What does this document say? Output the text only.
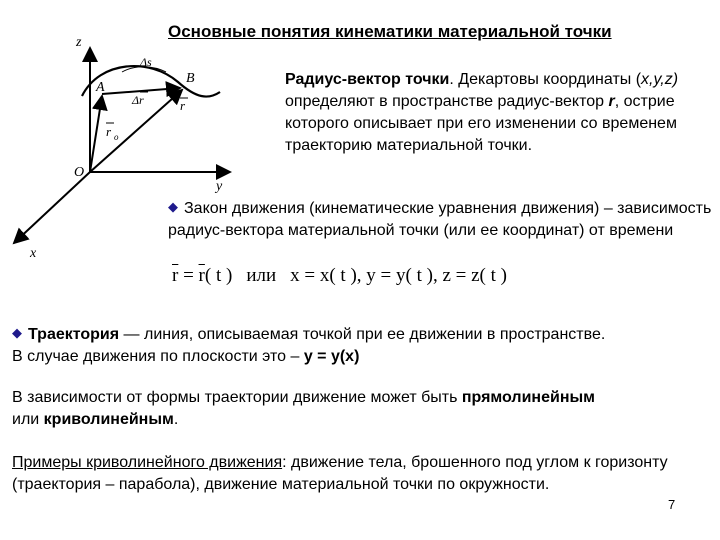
Основные понятия кинематики материальной точки
z
y
x
O
A
B
Δs
Δr
r o
r
Радиус-вектор точки. Декартовы координаты (x,y,z) определяют в пространстве радиус-вектор r, острие которого описывает при его изменении со временем траекторию материальной точки.
◆ Закон движения (кинематические уравнения движения) – зависимость радиус-вектора материальной точки (или ее координат) от времени
$\overline{r} = \overline{r}$( t ) или x = x( t ), y = y( t ), z = z( t )
◆ Траектория — линия, описываемая точкой при ее движении в пространстве.
В случае движения по плоскости это – y = y(x)
В зависимости от формы траектории движение может быть прямолинейным
или криволинейным.
Примеры криволинейного движения: движение тела, брошенного под углом к горизонту (траектория – парабола), движение материальной точки по окружности.
7
